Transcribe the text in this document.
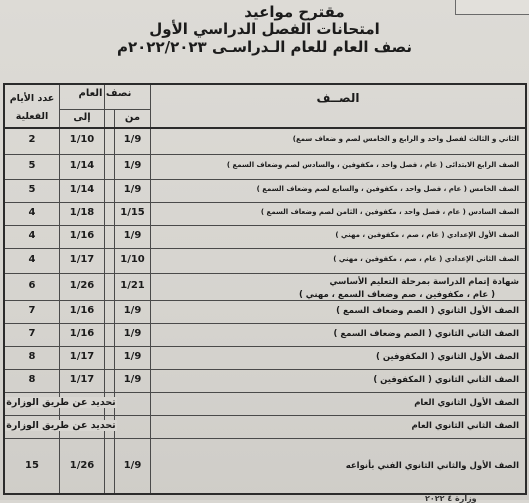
مقترح مواعيد
امتحانات الفصل الدراسي الأول
نصف العام للعام الـدراسـى ٢٠٢٢/٢٠٢٣م
الصــف
نصف العام
من
إلى
عدد الأيام الفعلية
الثاني و الثالث لفصل واحد و الرابع و الخامس لصم و ضعاف سمع)
1/9
1/10
2
الصف الرابع الابتدائى ( عام ، فصل واحد ، مكفوفين ، والسادس لصم وضعاف السمع )
1/9
1/14
5
الصف الخامس ( عام ، فصل واحد ، مكفوفين ، والسابع لصم وضعاف السمع )
1/9
1/14
5
الصف السادس ( عام ، فصل واحد ، مكفوفين ، الثامن لصم وضعاف السمع )
1/15
1/18
4
الصف الأول الإعدادي ( عام ، صم ، مكفوفين ، مهني )
1/9
1/16
4
الصف الثاني الإعدادي ( عام ، صم ، مكفوفين ، مهني )
1/10
1/17
4
شهادة إتمام الدراسة بمرحلة التعليم الأساسي
( عام ، مكفوفين ، صم وضعاف السمع ، مهني )
1/21
1/26
6
الصف الأول الثانوي ( الصم وضعاف السمع )
1/9
1/16
7
الصف الثاني الثانوي ( الصم وضعاف السمع )
1/9
1/16
7
الصف الأول الثانوي ( المكفوفين )
1/9
1/17
8
الصف الثاني الثانوي ( المكفوفين )
1/9
1/17
8
الصف الأول الثانوي العام
تحديد عن طريق الوزارة
الصف الثاني الثانوي العام
تحديد عن طريق الوزارة
الصف الأول والثاني الثانوي الفني بأنواعه
1/9
1/26
15
وزارة ٤ ٢٠٢٢
